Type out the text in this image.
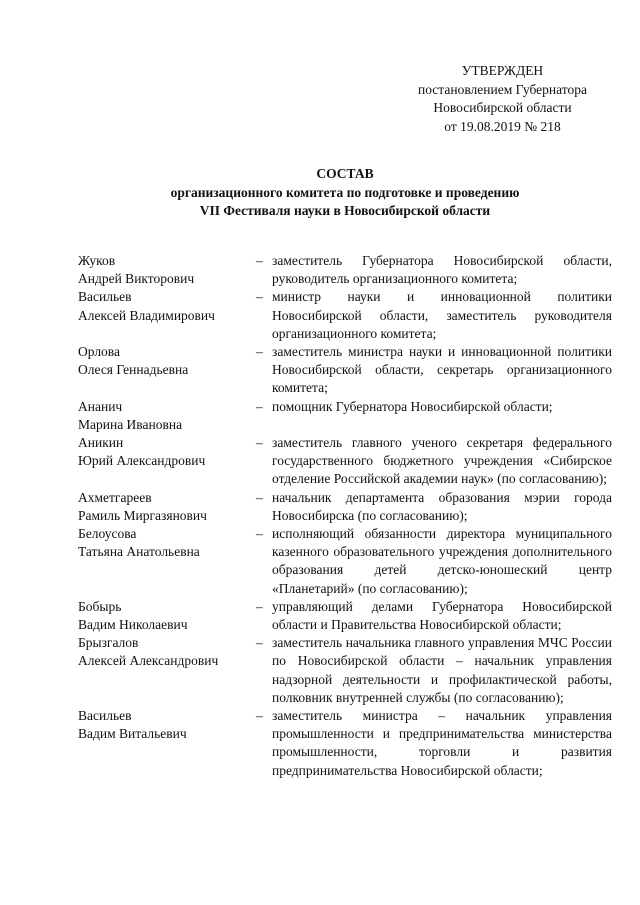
УТВЕРЖДЕН
постановлением Губернатора
Новосибирской области
от 19.08.2019 № 218
СОСТАВ
организационного комитета по подготовке и проведению
VII Фестиваля науки в Новосибирской области
Жуков
Андрей Викторович
– заместитель Губернатора Новосибирской области, руководитель организационного комитета;
Васильев
Алексей Владимирович
– министр науки и инновационной политики Новосибирской области, заместитель руководителя организационного комитета;
Орлова
Олеся Геннадьевна
– заместитель министра науки и инновационной политики Новосибирской области, секретарь организационного комитета;
Ананич
Марина Ивановна
– помощник Губернатора Новосибирской области;
Аникин
Юрий Александрович
– заместитель главного ученого секретаря федерального государственного бюджетного учреждения «Сибирское отделение Российской академии наук» (по согласованию);
Ахметгареев
Рамиль Миргазянович
– начальник департамента образования мэрии города Новосибирска (по согласованию);
Белоусова
Татьяна Анатольевна
– исполняющий обязанности директора муниципального казенного образовательного учреждения дополнительного образования детей детско-юношеский центр «Планетарий» (по согласованию);
Бобырь
Вадим Николаевич
– управляющий делами Губернатора Новосибирской области и Правительства Новосибирской области;
Брызгалов
Алексей Александрович
– заместитель начальника главного управления МЧС России по Новосибирской области – начальник управления надзорной деятельности и профилактической работы, полковник внутренней службы (по согласованию);
Васильев
Вадим Витальевич
– заместитель министра – начальник управления промышленности и предпринимательства министерства промышленности, торговли и развития предпринимательства Новосибирской области;
